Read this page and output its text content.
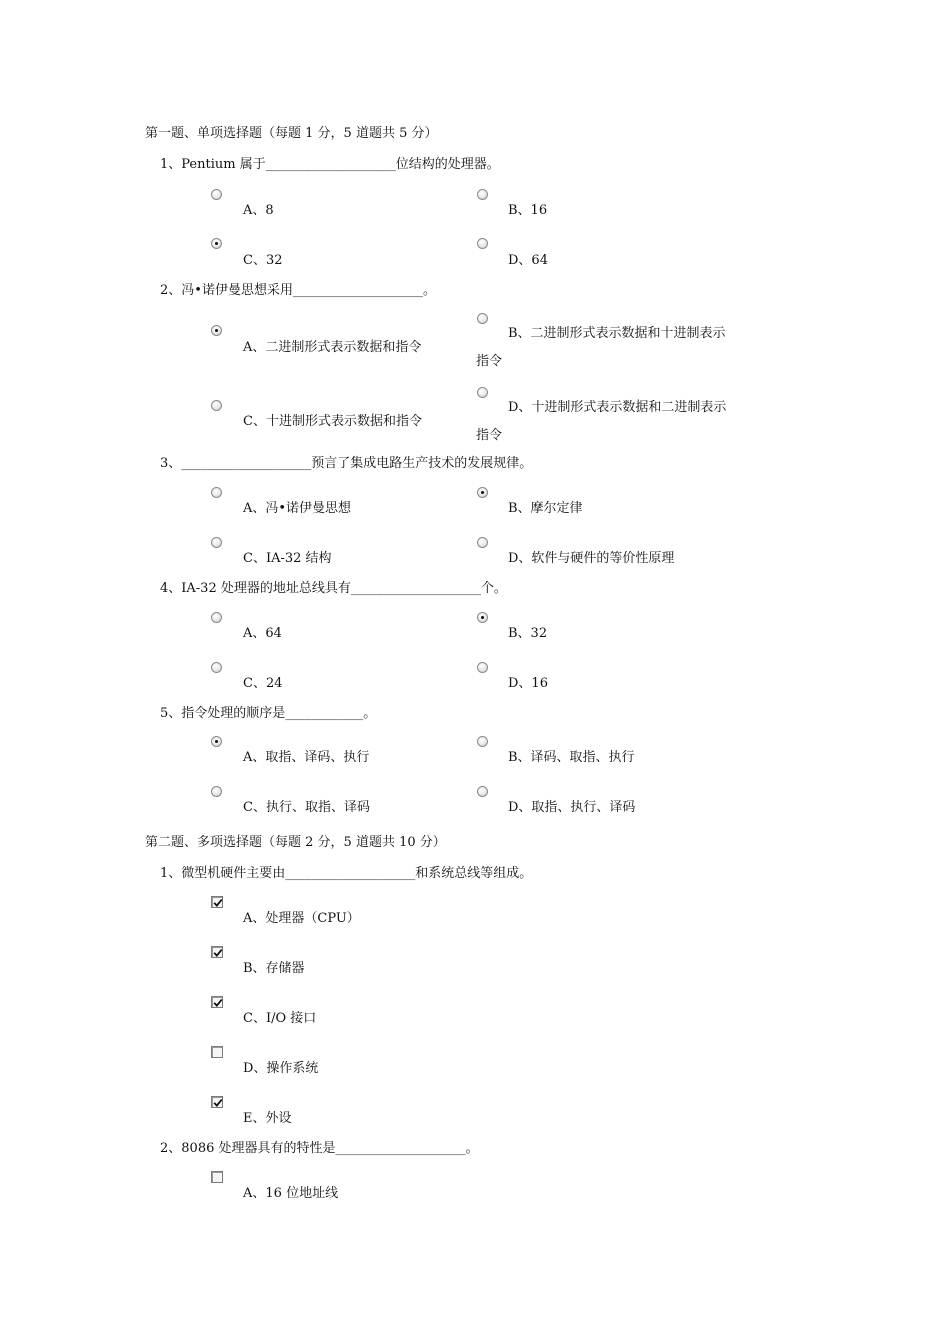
第一题、单项选择题（每题 1 分，5 道题共 5 分）
1、Pentium 属于____________________位结构的处理器。
A、8	B、16
C、32	D、64
2、冯•诺伊曼思想采用____________________。
A、二进制形式表示数据和指令
B、二进制形式表示数据和十进制表示指令
C、十进制形式表示数据和指令
D、十进制形式表示数据和二进制表示指令
3、____________________预言了集成电路生产技术的发展规律。
A、冯•诺伊曼思想	B、摩尔定律
C、IA-32 结构	D、软件与硬件的等价性原理
4、IA-32 处理器的地址总线具有____________________个。
A、64	B、32
C、24	D、16
5、指令处理的顺序是____________。
A、取指、译码、执行	B、译码、取指、执行
C、执行、取指、译码	D、取指、执行、译码
第二题、多项选择题（每题 2 分，5 道题共 10 分）
1、微型机硬件主要由____________________和系统总线等组成。
A、处理器（CPU）
B、存储器
C、I/O 接口
D、操作系统
E、外设
2、8086 处理器具有的特性是____________________。
A、16 位地址线
